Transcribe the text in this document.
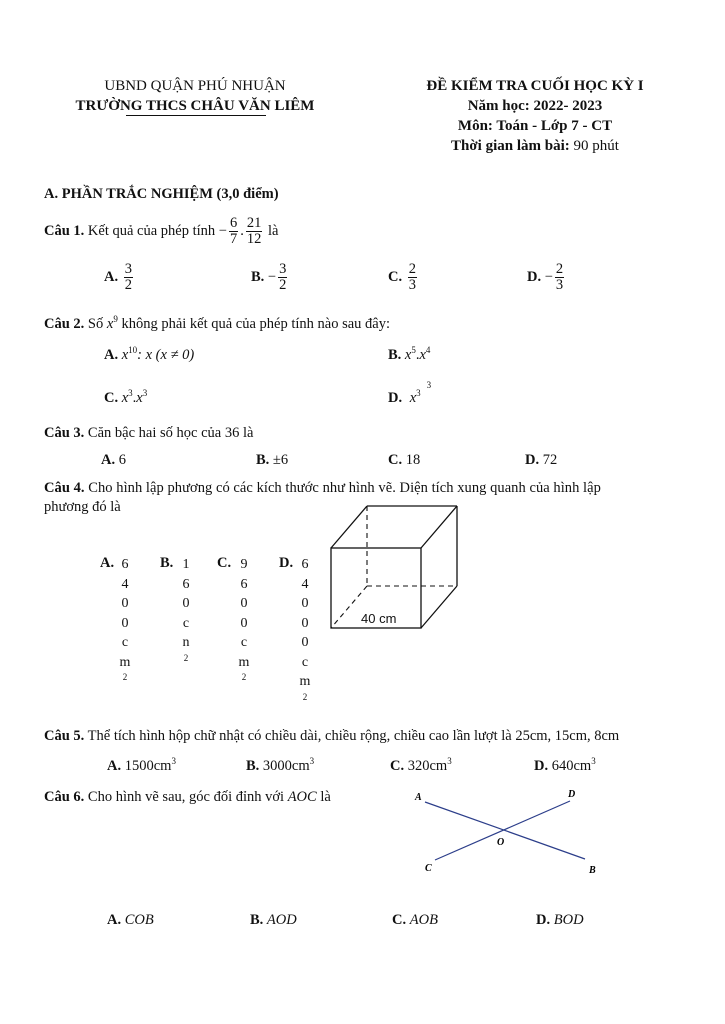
UBND QUẬN PHÚ NHUẬN
TRƯỜNG THCS CHÂU VĂN LIÊM
ĐỀ KIỂM TRA CUỐI HỌC KỲ I
Năm học: 2022- 2023
Môn: Toán - Lớp 7 - CT
Thời gian làm bài: 90 phút
A. PHẦN TRẮC NGHIỆM (3,0 điểm)
Câu 1. Kết quả của phép tính − $\frac{6}{7}$ . $\frac{21}{12}$ là
A. $\frac{3}{2}$	B. − $\frac{3}{2}$	C. $\frac{2}{3}$	D. − $\frac{2}{3}$
Câu 2. Số $x^9$ không phải kết quả của phép tính nào sau đây:
A. $x^{10}$: x (x ≠ 0)	B. $x^5.x^4$
C. $x^3.x^3$	D. $x^{33}$
Câu 3. Căn bậc hai số học của 36 là
A. 6	B. ±6	C. 18	D. 72
Câu 4. Cho hình lập phương có các kích thước như hình vẽ. Diện tích xung quanh của hình lập
phương đó là
A. 6
4
0
0
c
m
2
B. 1
6
0
c
n
2
C. 9
6
0
0
c
m
2
D. 6
4
0
0
0
c
m
2
40 cm
Câu 5. Thể tích hình hộp chữ nhật có chiều dài, chiều rộng, chiều cao lần lượt là 25cm, 15cm, 8cm
A. $1500cm^3$	B. $3000cm^3$	C. $320cm^3$	D. $640cm^3$
Câu 6. Cho hình vẽ sau, góc đối đỉnh với AOC là	A	D
O
C	B
A. COB	B. AOD	C. AOB	D. BOD
